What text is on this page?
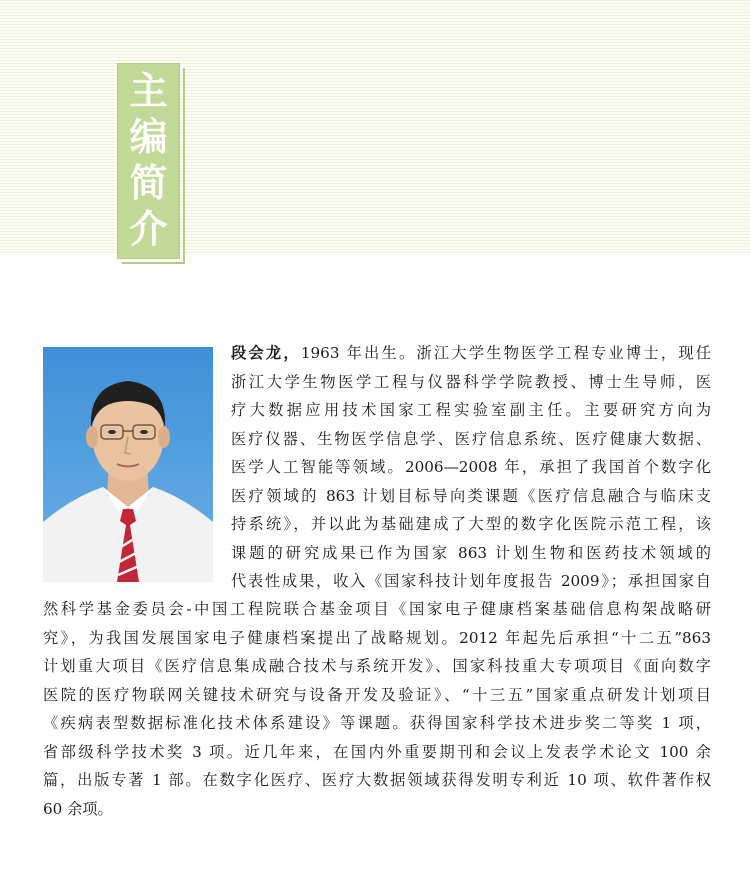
主
编
简
介
段会龙，1963 年出生。浙江大学生物医学工程专业博士，现任
浙江大学生物医学工程与仪器科学学院教授、博士生导师，医
疗大数据应用技术国家工程实验室副主任。主要研究方向为
医疗仪器、生物医学信息学、医疗信息系统、医疗健康大数据、
医学人工智能等领域。2006—2008 年，承担了我国首个数字化
医疗领域的 863 计划目标导向类课题《医疗信息融合与临床支
持系统》，并以此为基础建成了大型的数字化医院示范工程，该
课题的研究成果已作为国家 863 计划生物和医药技术领域的
代表性成果，收入《国家科技计划年度报告 2009》；承担国家自
然科学基金委员会-中国工程院联合基金项目《国家电子健康档案基础信息构架战略研
究》，为我国发展国家电子健康档案提出了战略规划。2012 年起先后承担“十二五”863
计划重大项目《医疗信息集成融合技术与系统开发》、国家科技重大专项项目《面向数字
医院的医疗物联网关键技术研究与设备开发及验证》、“十三五”国家重点研发计划项目
《疾病表型数据标准化技术体系建设》等课题。获得国家科学技术进步奖二等奖 1 项，
省部级科学技术奖 3 项。近几年来，在国内外重要期刊和会议上发表学术论文 100 余
篇，出版专著 1 部。在数字化医疗、医疗大数据领域获得发明专利近 10 项、软件著作权
60 余项。
